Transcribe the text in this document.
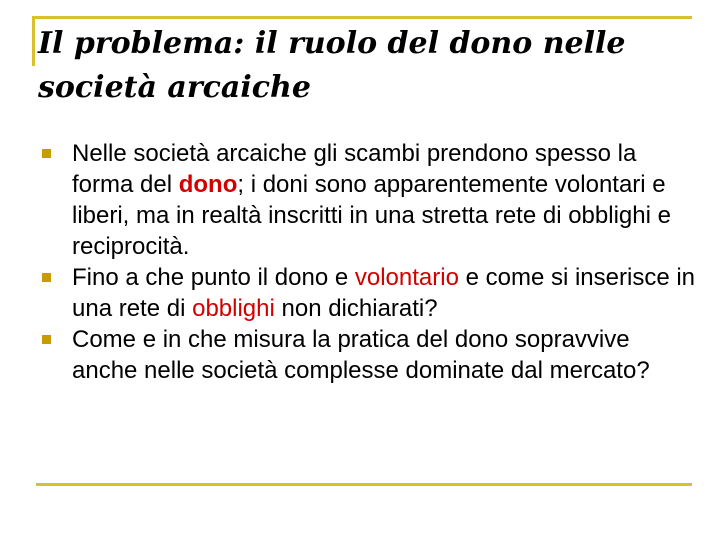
Il problema: il ruolo del dono nelle società arcaiche
Nelle società arcaiche gli scambi prendono spesso la forma del dono; i doni sono apparentemente volontari e liberi, ma in realtà inscritti in una stretta rete di obblighi e reciprocità.
Fino a che punto il dono e volontario e come si inserisce in una rete di obblighi non dichiarati?
Come e in che misura la pratica del dono sopravvive anche nelle società complesse dominate dal mercato?
